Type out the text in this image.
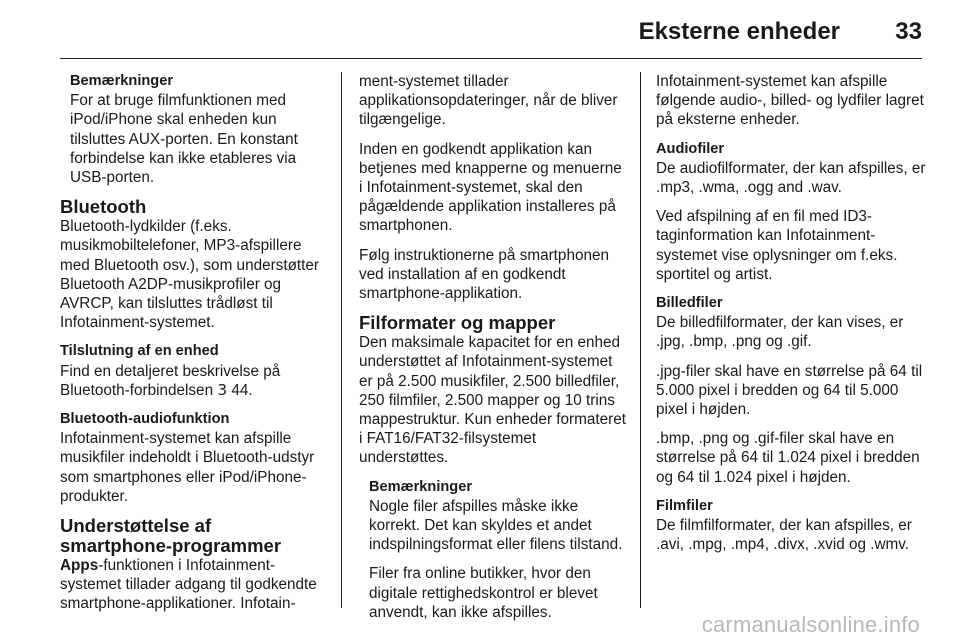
Eksterne enheder 33
Bemærkninger

For at bruge filmfunktionen med iPod/iPhone skal enheden kun tilsluttes AUX-porten. En konstant forbindelse kan ikke etableres via USB-porten.

Bluetooth

Bluetooth-lydkilder (f.eks. musikmobiltelefoner, MP3-afspillere med Bluetooth osv.), som understøtter Bluetooth A2DP-musikprofiler og AVRCP, kan tilsluttes trådløst til Infotainment-systemet.

Tilslutning af en enhed

Find en detaljeret beskrivelse på Bluetooth-forbindelsen 3 44.

Bluetooth-audiofunktion

Infotainment-systemet kan afspille musikfiler indeholdt i Bluetooth-udstyr som smartphones eller iPod/iPhone-produkter.

Understøttelse af smartphone-programmer

Apps-funktionen i Infotainment-systemet tillader adgang til godkendte smartphone-applikationer. Infotain-

ment-systemet tillader applikationsopdateringer, når de bliver tilgængelige.

Inden en godkendt applikation kan betjenes med knapperne og menuerne i Infotainment-systemet, skal den pågældende applikation installeres på smartphonen.

Følg instruktionerne på smartphonen ved installation af en godkendt smartphone-applikation.

Filformater og mapper

Den maksimale kapacitet for en enhed understøttet af Infotainment-systemet er på 2.500 musikfiler, 2.500 billedfiler, 250 filmfiler, 2.500 mapper og 10 trins mappestruktur. Kun enheder formateret i FAT16/FAT32-filsystemet understøttes.

Bemærkninger

Nogle filer afspilles måske ikke korrekt. Det kan skyldes et andet indspilningsformat eller filens tilstand.

Filer fra online butikker, hvor den digitale rettighedskontrol er blevet anvendt, kan ikke afspilles.

Infotainment-systemet kan afspille følgende audio-, billed- og lydfiler lagret på eksterne enheder.

Audiofiler

De audiofilformater, der kan afspilles, er .mp3, .wma, .ogg and .wav.

Ved afspilning af en fil med ID3-taginformation kan Infotainment-systemet vise oplysninger om f.eks. sportitel og artist.

Billedfiler

De billedfilformater, der kan vises, er .jpg, .bmp, .png og .gif.

.jpg-filer skal have en størrelse på 64 til 5.000 pixel i bredden og 64 til 5.000 pixel i højden.

.bmp, .png og .gif-filer skal have en størrelse på 64 til 1.024 pixel i bredden og 64 til 1.024 pixel i højden.

Filmfiler

De filmfilformater, der kan afspilles, er .avi, .mpg, .mp4, .divx, .xvid og .wmv.

carmanualsonline.info
